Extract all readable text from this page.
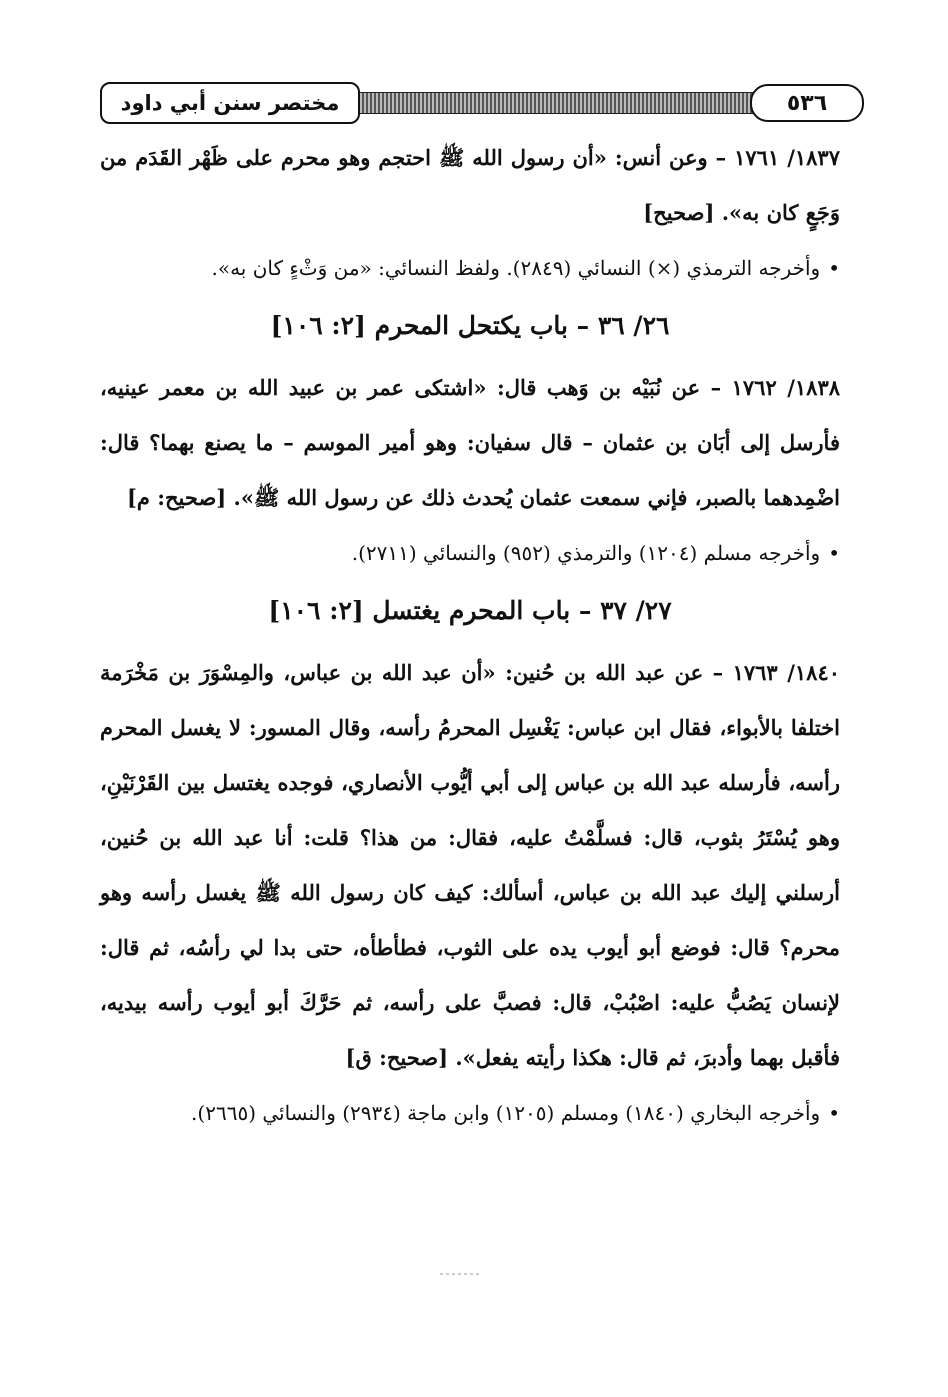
مختصر سنن أبي داود	٥٣٦

١٨٣٧/ ١٧٦١ – وعن أنس: «أن رسول الله ﷺ احتجم وهو محرم على ظَهْر القَدَم من وَجَعٍ كان به». [صحيح]

•وأخرجه الترمذي (×) النسائي (٢٨٤٩). ولفظ النسائي: «من وَثْءٍ كان به».

٢٦/ ٣٦ – باب يكتحل المحرم [٢: ١٠٦]

١٨٣٨/ ١٧٦٢ – عن نُبَيْه بن وَهب قال: «اشتكى عمر بن عبيد الله بن معمر عينيه، فأرسل إلى أبَان بن عثمان – قال سفيان: وهو أمير الموسم – ما يصنع بهما؟ قال: اضْمِدهما بالصبر، فإني سمعت عثمان يُحدث ذلك عن رسول الله ﷺ». [صحيح: م]

•وأخرجه مسلم (١٢٠٤) والترمذي (٩٥٢) والنسائي (٢٧١١).

٢٧/ ٣٧ – باب المحرم يغتسل [٢: ١٠٦]

١٨٤٠/ ١٧٦٣ – عن عبد الله بن حُنين: «أن عبد الله بن عباس، والمِسْوَرَ بن مَخْرَمة اختلفا بالأبواء، فقال ابن عباس: يَغْسِل المحرمُ رأسه، وقال المسور: لا يغسل المحرم رأسه، فأرسله عبد الله بن عباس إلى أبي أيُّوب الأنصاري، فوجده يغتسل بين القَرْنَيْنِ، وهو يُسْتَرُ بثوب، قال: فسلَّمْتُ عليه، فقال: من هذا؟ قلت: أنا عبد الله بن حُنين، أرسلني إليك عبد الله بن عباس، أسألك: كيف كان رسول الله ﷺ يغسل رأسه وهو محرم؟ قال: فوضع أبو أيوب يده على الثوب، فطأطأه، حتى بدا لي رأسُه، ثم قال: لإنسان يَصُبُّ عليه: اصْبُبْ، قال: فصبَّ على رأسه، ثم حَرَّكَ أبو أيوب رأسه بيديه، فأقبل بهما وأدبرَ، ثم قال: هكذا رأيته يفعل». [صحيح: ق]

•وأخرجه البخاري (١٨٤٠) ومسلم (١٢٠٥) وابن ماجة (٢٩٣٤) والنسائي (٢٦٦٥).
